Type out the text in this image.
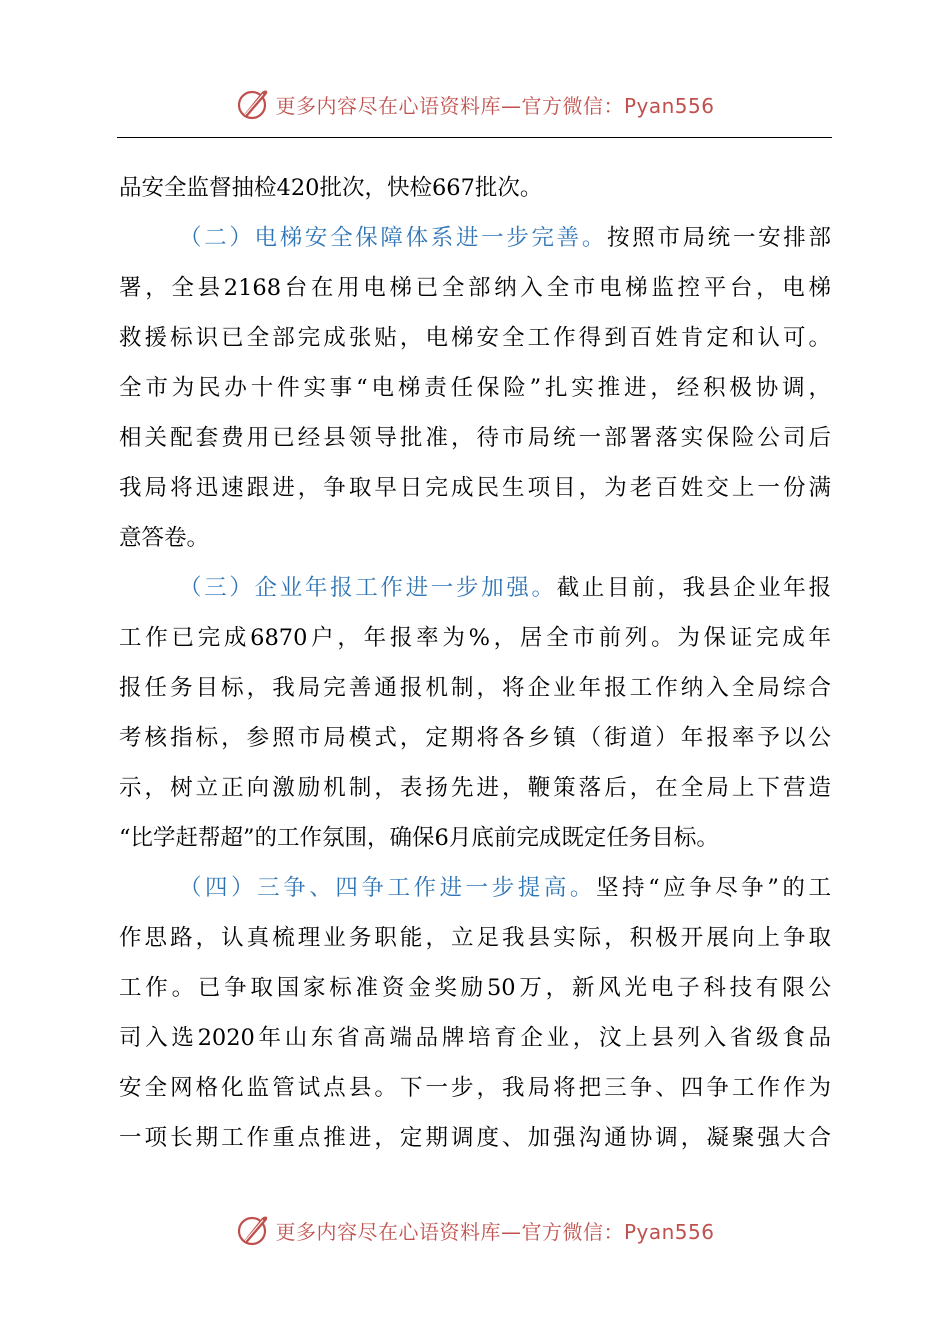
更多内容尽在心语资料库—官方微信：Pyan556
品安全监督抽检420批次，快检667批次。
（二）电梯安全保障体系进一步完善。按照市局统一安排部
署，全县2168台在用电梯已全部纳入全市电梯监控平台，电梯
救援标识已全部完成张贴，电梯安全工作得到百姓肯定和认可。
全市为民办十件实事“电梯责任保险”扎实推进，经积极协调，
相关配套费用已经县领导批准，待市局统一部署落实保险公司后
我局将迅速跟进，争取早日完成民生项目，为老百姓交上一份满
意答卷。
（三）企业年报工作进一步加强。截止目前，我县企业年报
工作已完成6870户，年报率为%，居全市前列。为保证完成年
报任务目标，我局完善通报机制，将企业年报工作纳入全局综合
考核指标，参照市局模式，定期将各乡镇（街道）年报率予以公
示，树立正向激励机制，表扬先进，鞭策落后，在全局上下营造
“比学赶帮超”的工作氛围，确保6月底前完成既定任务目标。
（四）三争、四争工作进一步提高。坚持“应争尽争”的工
作思路，认真梳理业务职能，立足我县实际，积极开展向上争取
工作。已争取国家标准资金奖励50万，新风光电子科技有限公
司入选2020年山东省高端品牌培育企业，汶上县列入省级食品
安全网格化监管试点县。下一步，我局将把三争、四争工作作为
一项长期工作重点推进，定期调度、加强沟通协调，凝聚强大合
更多内容尽在心语资料库—官方微信：Pyan556
